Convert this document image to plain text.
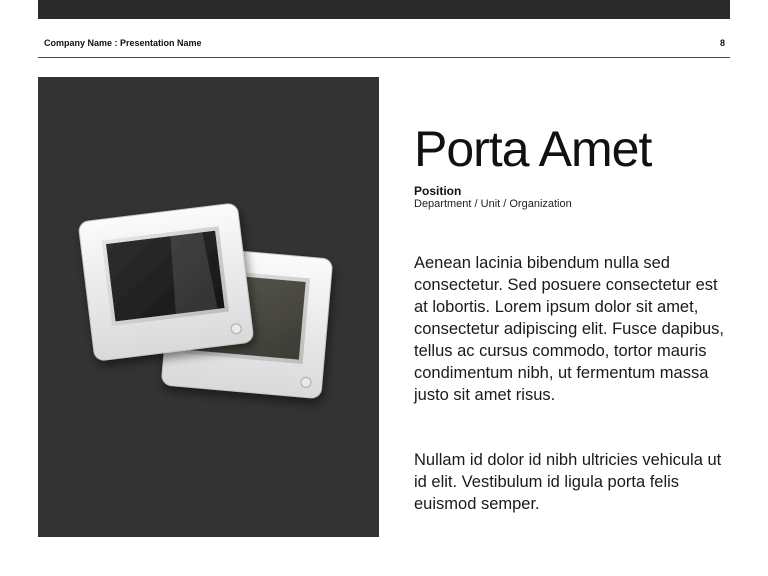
Company Name : Presentation Name	8
Porta Amet
Position
Department / Unit / Organization
Aenean lacinia bibendum nulla sed consectetur. Sed posuere consectetur est at lobortis. Lorem ipsum dolor sit amet, consectetur adipiscing elit. Fusce dapibus, tellus ac cursus commodo, tortor mauris condimentum nibh, ut fermentum massa justo sit amet risus.
Nullam id dolor id nibh ultricies vehicula ut id elit. Vestibulum id ligula porta felis euismod semper.
